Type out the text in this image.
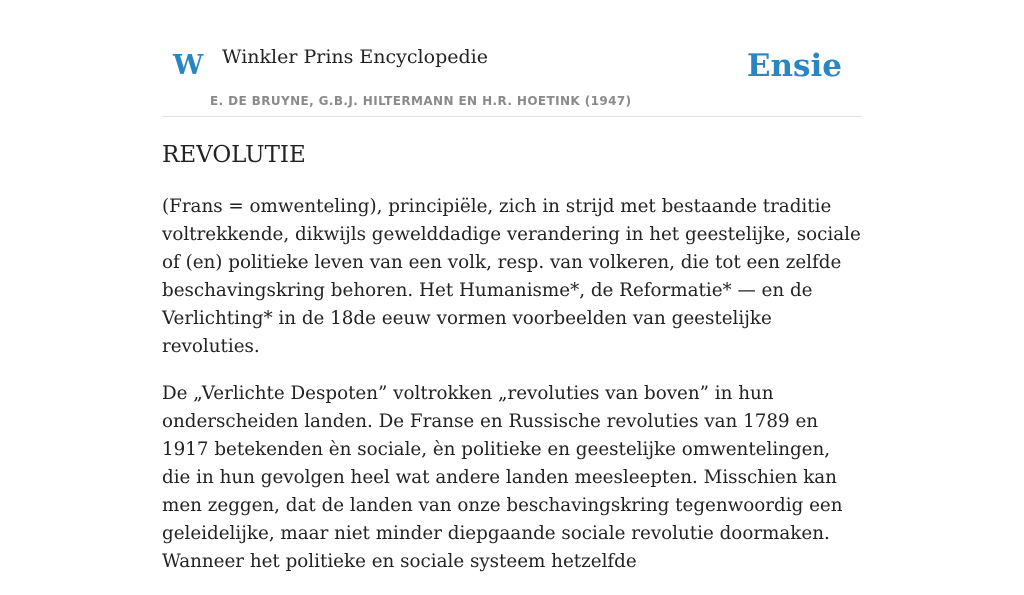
W Winkler Prins Encyclopedie
E. DE BRUYNE, G.B.J. HILTERMANN EN H.R. HOETINK (1947)
Ensie
REVOLUTIE

(Frans = omwenteling), principiële, zich in strijd met bestaande traditie voltrekkende, dikwijls gewelddadige verandering in het geestelijke, sociale of (en) politieke leven van een volk, resp. van volkeren, die tot een zelfde beschavingskring behoren. Het Humanisme*, de Reformatie* — en de Verlichting* in de 18de eeuw vormen voorbeelden van geestelijke revoluties.

De „Verlichte Despoten” voltrokken „revoluties van boven” in hun onderscheiden landen. De Franse en Russische revoluties van 1789 en 1917 betekenden èn sociale, èn politieke en geestelijke omwentelingen, die in hun gevolgen heel wat andere landen meesleepten. Misschien kan men zeggen, dat de landen van onze beschavingskring tegenwoordig een geleidelijke, maar niet minder diepgaande sociale revolutie doormaken. Wanneer het politieke en sociale systeem hetzelfde
